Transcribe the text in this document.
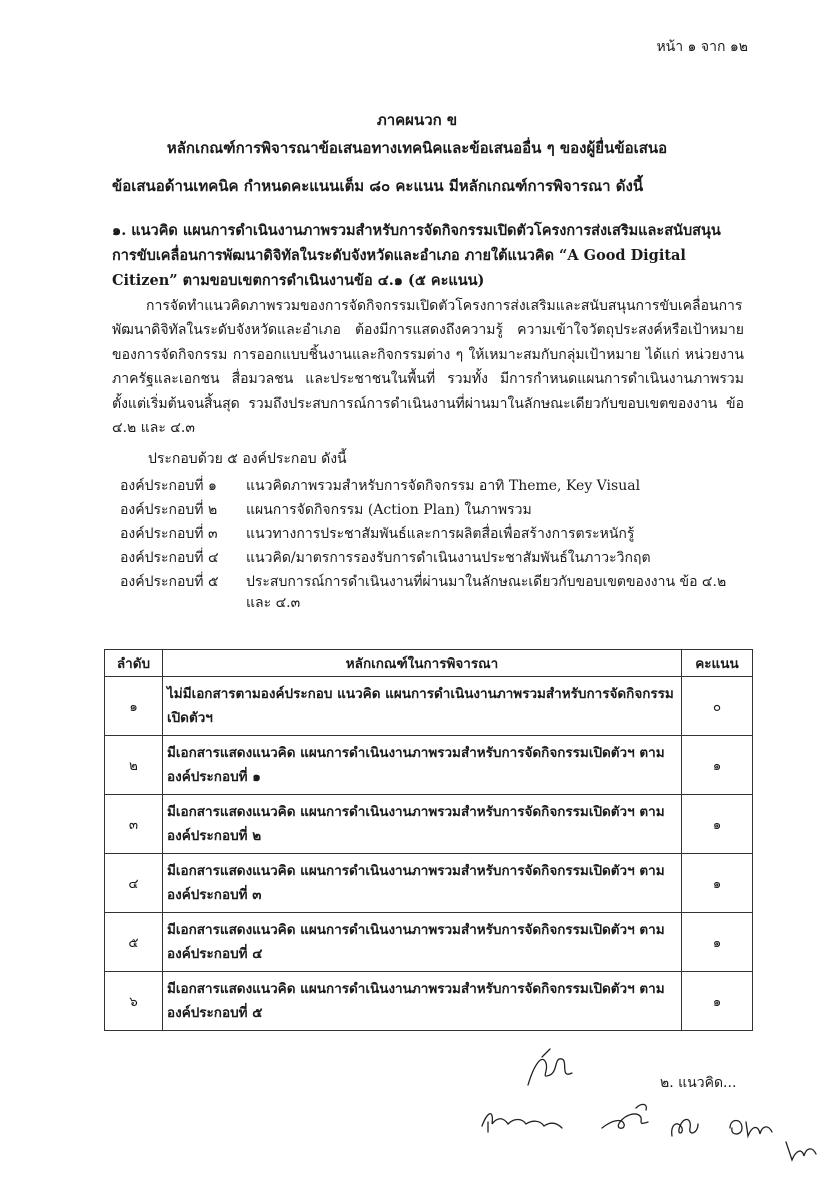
หน้า ๑ จาก ๑๒
ภาคผนวก ข
หลักเกณฑ์การพิจารณาข้อเสนอทางเทคนิคและข้อเสนออื่น ๆ ของผู้ยื่นข้อเสนอ
ข้อเสนอด้านเทคนิค กำหนดคะแนนเต็ม ๘๐ คะแนน มีหลักเกณฑ์การพิจารณา ดังนี้
๑. แนวคิด แผนการดำเนินงานภาพรวมสำหรับการจัดกิจกรรมเปิดตัวโครงการส่งเสริมและสนับสนุนการขับเคลื่อนการพัฒนาดิจิทัลในระดับจังหวัดและอำเภอ ภายใต้แนวคิด “A Good Digital Citizen” ตามขอบเขตการดำเนินงานข้อ ๔.๑ (๕ คะแนน)
การจัดทำแนวคิดภาพรวมของการจัดกิจกรรมเปิดตัวโครงการส่งเสริมและสนับสนุนการขับเคลื่อนการพัฒนาดิจิทัลในระดับจังหวัดและอำเภอ ต้องมีการแสดงถึงความรู้ ความเข้าใจวัตถุประสงค์หรือเป้าหมายของการจัดกิจกรรม การออกแบบชิ้นงานและกิจกรรมต่าง ๆ ให้เหมาะสมกับกลุ่มเป้าหมาย ได้แก่ หน่วยงานภาครัฐและเอกชน สื่อมวลชน และประชาชนในพื้นที่ รวมทั้ง มีการกำหนดแผนการดำเนินงานภาพรวมตั้งแต่เริ่มต้นจนสิ้นสุด รวมถึงประสบการณ์การดำเนินงานที่ผ่านมาในลักษณะเดียวกับขอบเขตของงาน ข้อ ๔.๒ และ ๔.๓
ประกอบด้วย ๕ องค์ประกอบ ดังนี้
องค์ประกอบที่ ๑	แนวคิดภาพรวมสำหรับการจัดกิจกรรม อาทิ Theme, Key Visual
องค์ประกอบที่ ๒	แผนการจัดกิจกรรม (Action Plan) ในภาพรวม
องค์ประกอบที่ ๓	แนวทางการประชาสัมพันธ์และการผลิตสื่อเพื่อสร้างการตระหนักรู้
องค์ประกอบที่ ๔	แนวคิด/มาตรการรองรับการดำเนินงานประชาสัมพันธ์ในภาวะวิกฤต
องค์ประกอบที่ ๕	ประสบการณ์การดำเนินงานที่ผ่านมาในลักษณะเดียวกับขอบเขตของงาน ข้อ ๔.๒ และ ๔.๓
ลำดับ	หลักเกณฑ์ในการพิจารณา	คะแนน
๑	ไม่มีเอกสารตามองค์ประกอบ แนวคิด แผนการดำเนินงานภาพรวมสำหรับการจัดกิจกรรมเปิดตัวฯ	๐
๒	มีเอกสารแสดงแนวคิด แผนการดำเนินงานภาพรวมสำหรับการจัดกิจกรรมเปิดตัวฯ ตามองค์ประกอบที่ ๑	๑
๓	มีเอกสารแสดงแนวคิด แผนการดำเนินงานภาพรวมสำหรับการจัดกิจกรรมเปิดตัวฯ ตามองค์ประกอบที่ ๒	๑
๔	มีเอกสารแสดงแนวคิด แผนการดำเนินงานภาพรวมสำหรับการจัดกิจกรรมเปิดตัวฯ ตามองค์ประกอบที่ ๓	๑
๕	มีเอกสารแสดงแนวคิด แผนการดำเนินงานภาพรวมสำหรับการจัดกิจกรรมเปิดตัวฯ ตามองค์ประกอบที่ ๔	๑
๖	มีเอกสารแสดงแนวคิด แผนการดำเนินงานภาพรวมสำหรับการจัดกิจกรรมเปิดตัวฯ ตามองค์ประกอบที่ ๕	๑
๒. แนวคิด...
